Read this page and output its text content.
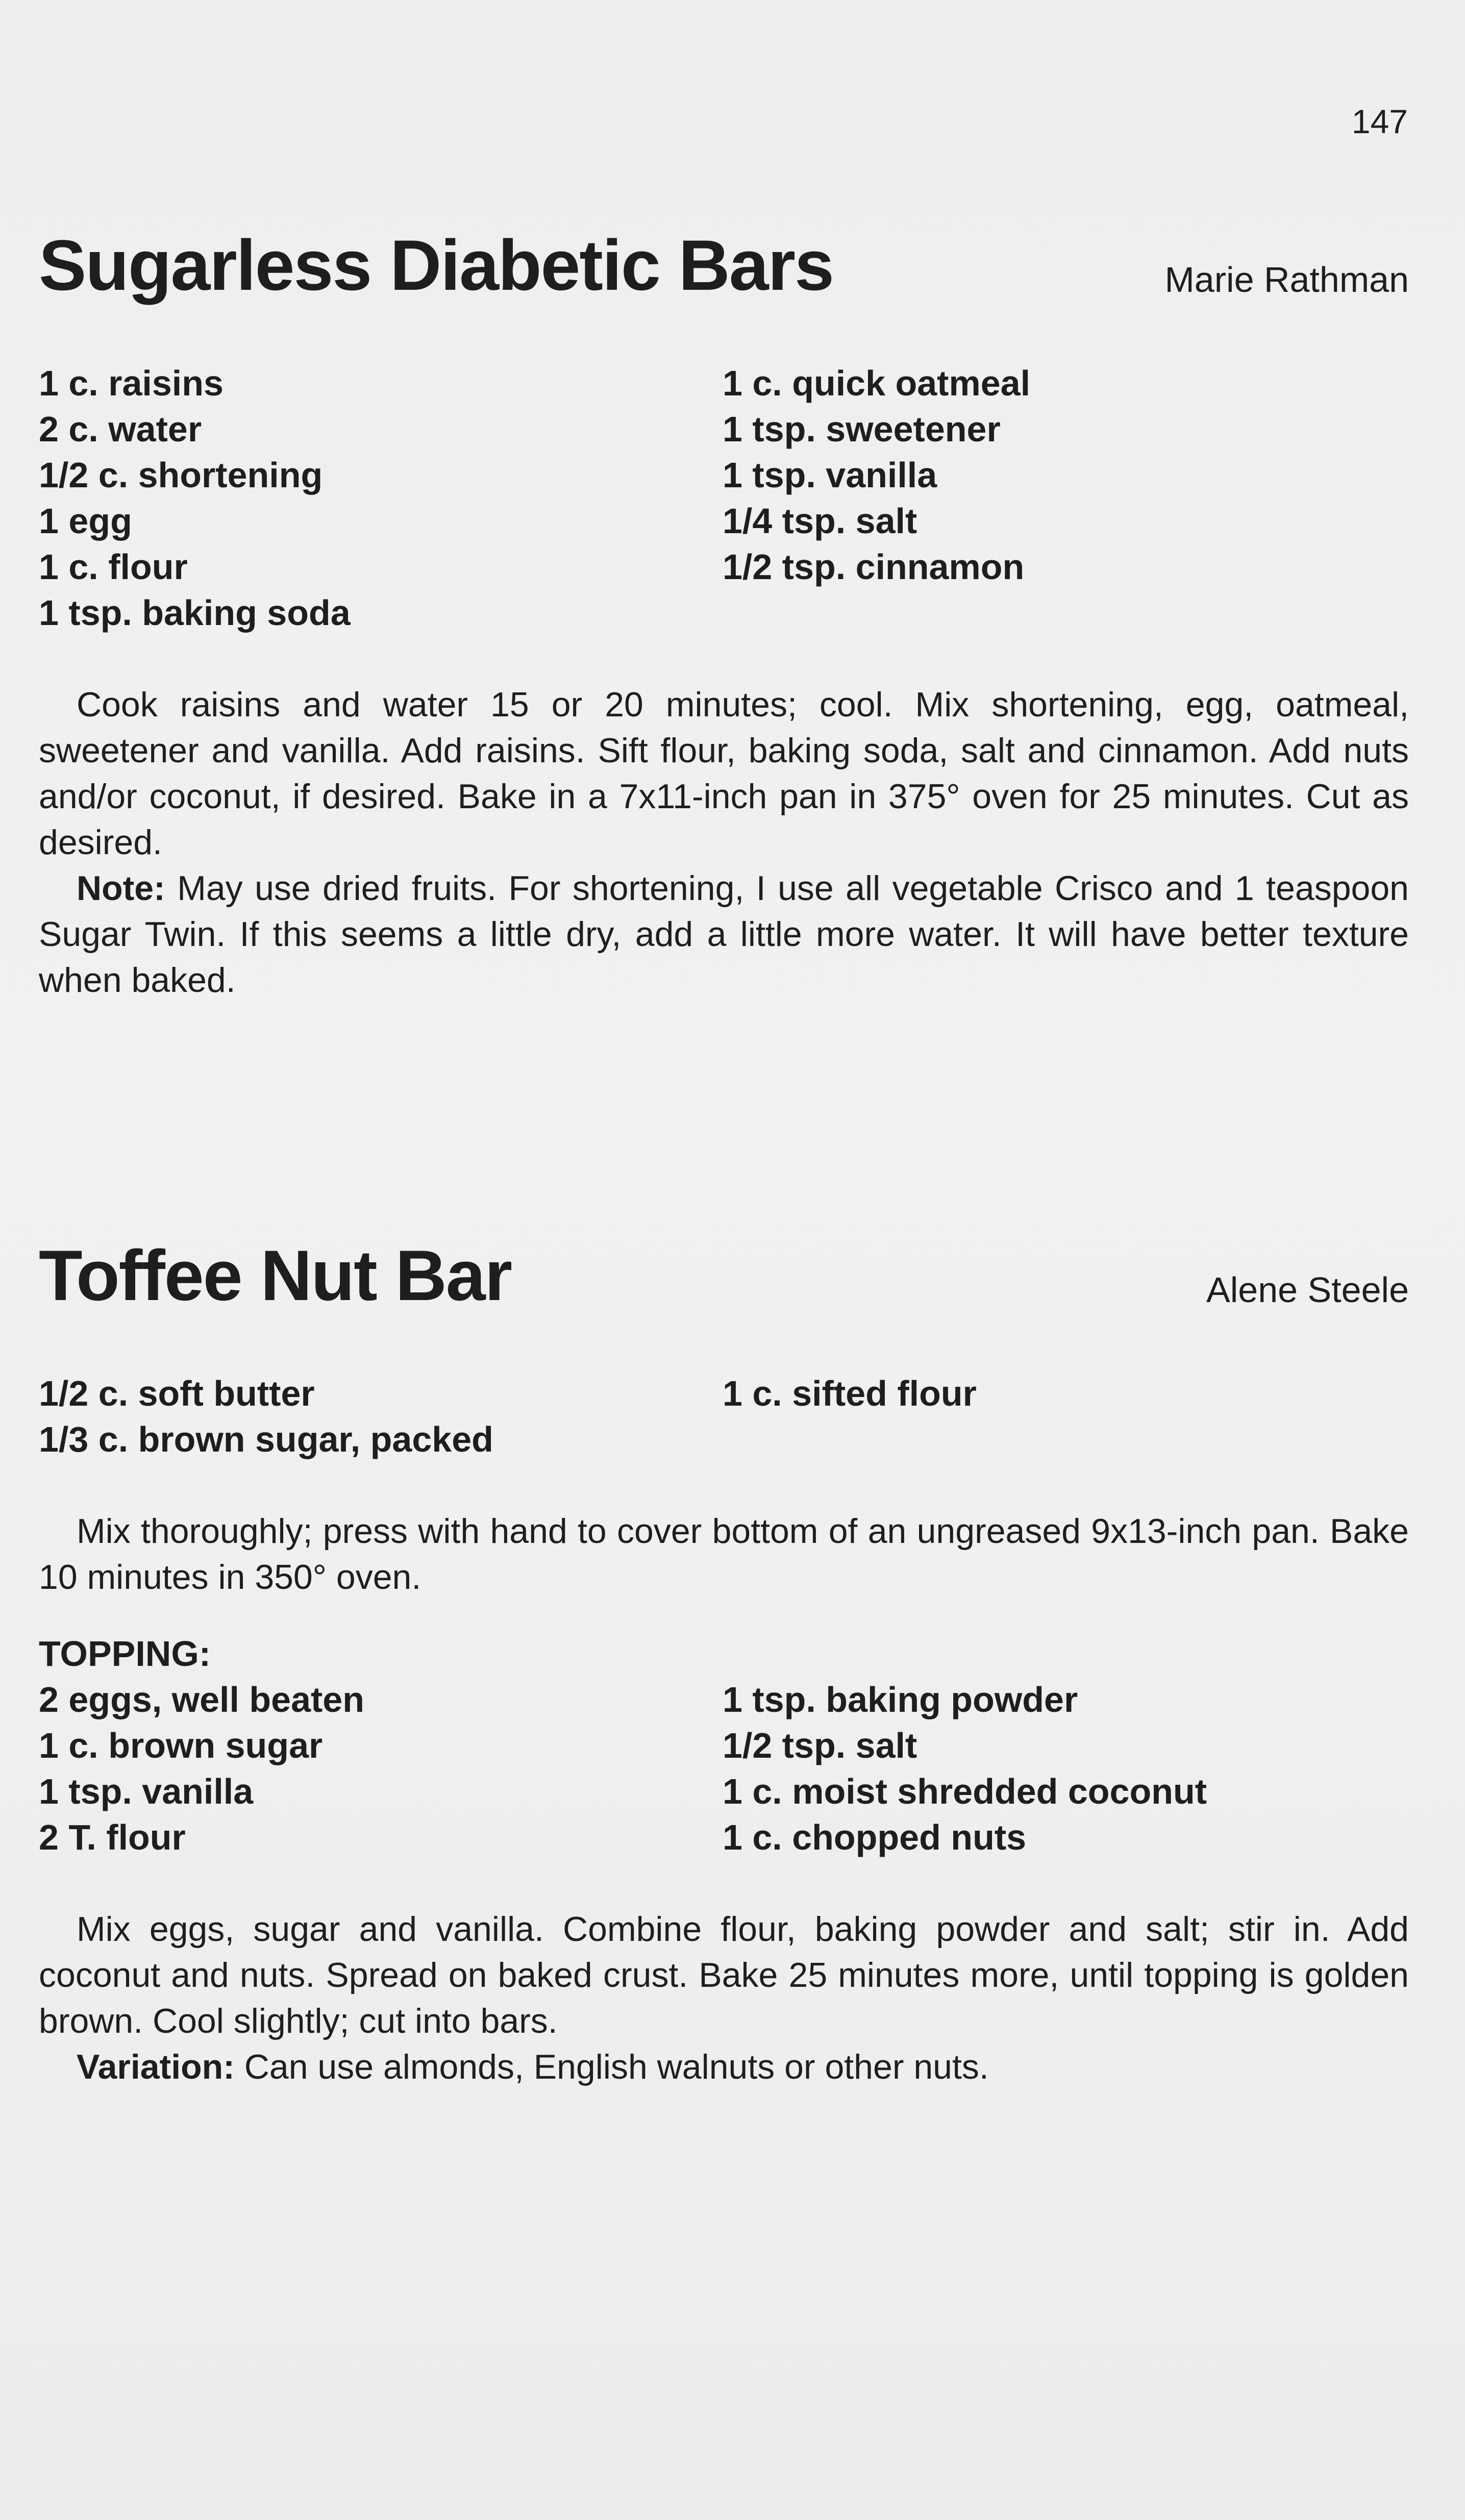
147
Sugarless Diabetic Bars	Marie Rathman
1 c. raisins
2 c. water
1/2 c. shortening
1 egg
1 c. flour
1 tsp. baking soda
1 c. quick oatmeal
1 tsp. sweetener
1 tsp. vanilla
1/4 tsp. salt
1/2 tsp. cinnamon

Cook raisins and water 15 or 20 minutes; cool. Mix shortening, egg, oatmeal, sweetener and vanilla. Add raisins. Sift flour, baking soda, salt and cinnamon. Add nuts and/or coconut, if desired. Bake in a 7x11-inch pan in 375° oven for 25 minutes. Cut as desired.

Note: May use dried fruits. For shortening, I use all vegetable Crisco and 1 teaspoon Sugar Twin. If this seems a little dry, add a little more water. It will have better texture when baked.

Toffee Nut Bar	Alene Steele
1/2 c. soft butter
1/3 c. brown sugar, packed
1 c. sifted flour

Mix thoroughly; press with hand to cover bottom of an ungreased 9x13-inch pan. Bake 10 minutes in 350° oven.

TOPPING:
2 eggs, well beaten
1 c. brown sugar
1 tsp. vanilla
2 T. flour
1 tsp. baking powder
1/2 tsp. salt
1 c. moist shredded coconut
1 c. chopped nuts

Mix eggs, sugar and vanilla. Combine flour, baking powder and salt; stir in. Add coconut and nuts. Spread on baked crust. Bake 25 minutes more, until topping is golden brown. Cool slightly; cut into bars.

Variation: Can use almonds, English walnuts or other nuts.
